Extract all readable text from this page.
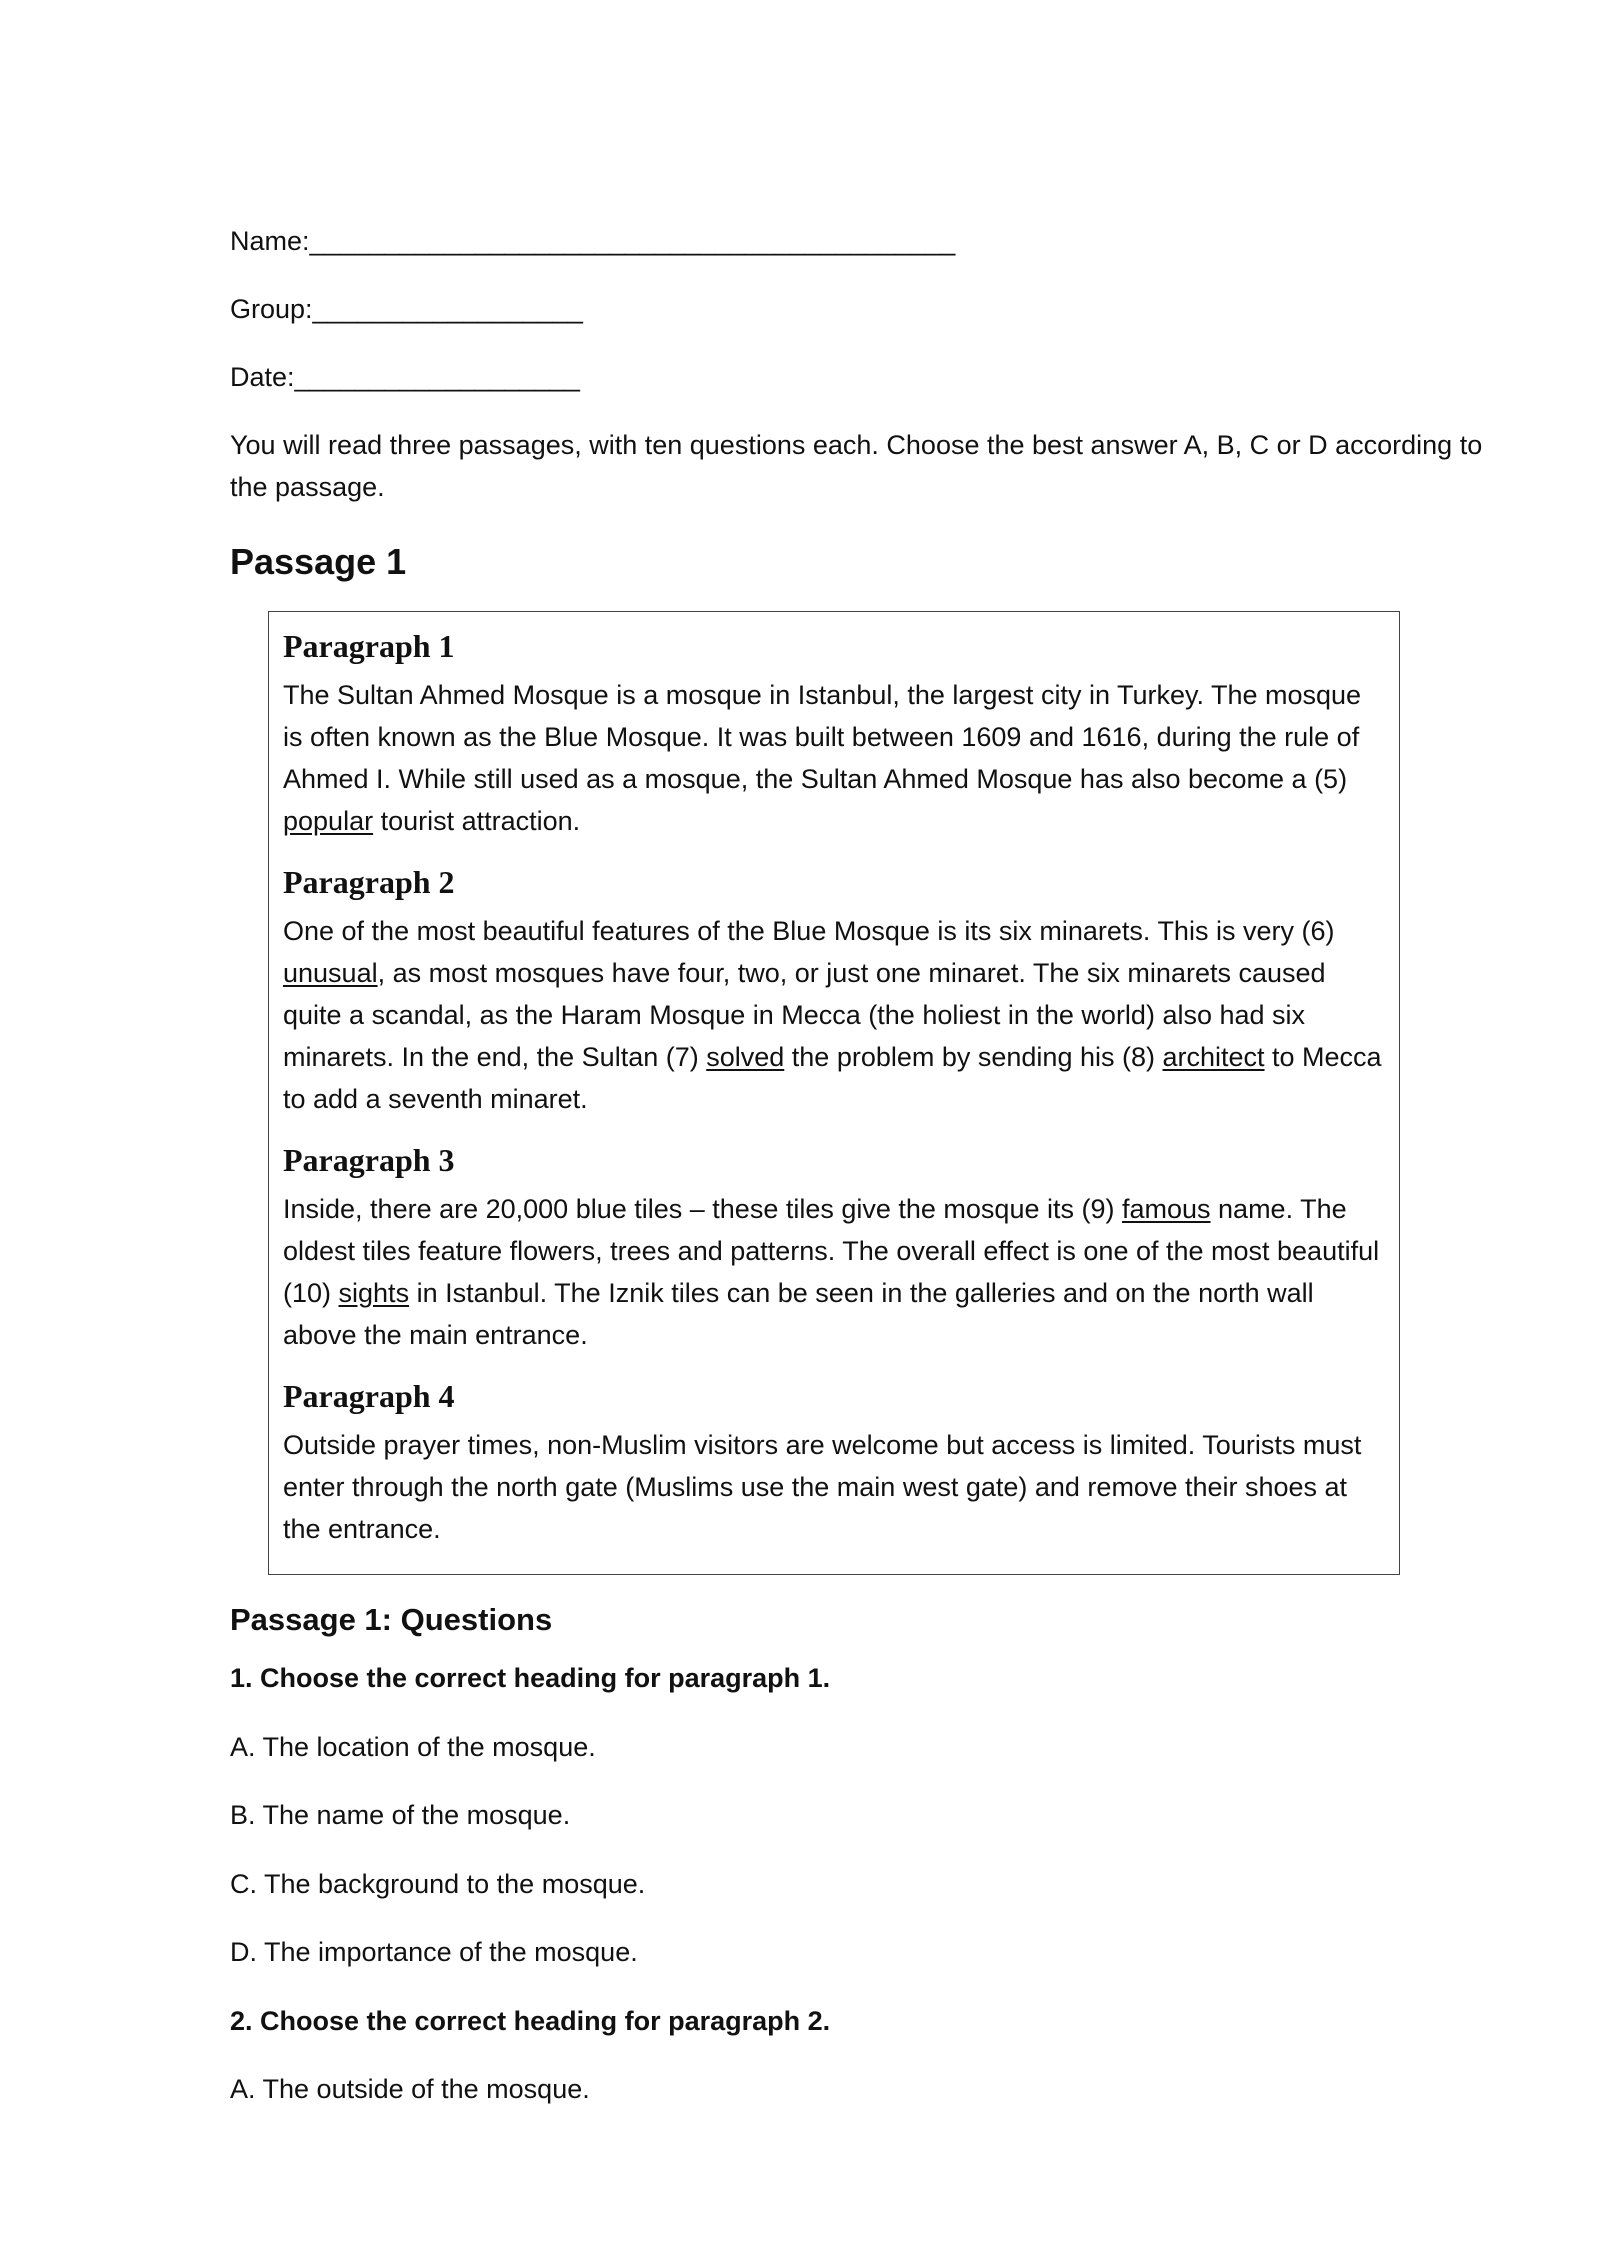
Name:___________________________________________
Group:__________________
Date:___________________
You will read three passages, with ten questions each. Choose the best answer A, B, C or D according to the passage.
Passage 1
Paragraph 1

The Sultan Ahmed Mosque is a mosque in Istanbul, the largest city in Turkey. The mosque is often known as the Blue Mosque. It was built between 1609 and 1616, during the rule of Ahmed I. While still used as a mosque, the Sultan Ahmed Mosque has also become a (5) popular tourist attraction.

Paragraph 2

One of the most beautiful features of the Blue Mosque is its six minarets. This is very (6) unusual, as most mosques have four, two, or just one minaret. The six minarets caused quite a scandal, as the Haram Mosque in Mecca (the holiest in the world) also had six minarets. In the end, the Sultan (7) solved the problem by sending his (8) architect to Mecca to add a seventh minaret.

Paragraph 3

Inside, there are 20,000 blue tiles – these tiles give the mosque its (9) famous name. The oldest tiles feature flowers, trees and patterns. The overall effect is one of the most beautiful (10) sights in Istanbul. The Iznik tiles can be seen in the galleries and on the north wall above the main entrance.

Paragraph 4

Outside prayer times, non-Muslim visitors are welcome but access is limited. Tourists must enter through the north gate (Muslims use the main west gate) and remove their shoes at the entrance.

Passage 1: Questions
1. Choose the correct heading for paragraph 1.
A. The location of the mosque.
B. The name of the mosque.
C. The background to the mosque.
D. The importance of the mosque.
2. Choose the correct heading for paragraph 2.
A. The outside of the mosque.
